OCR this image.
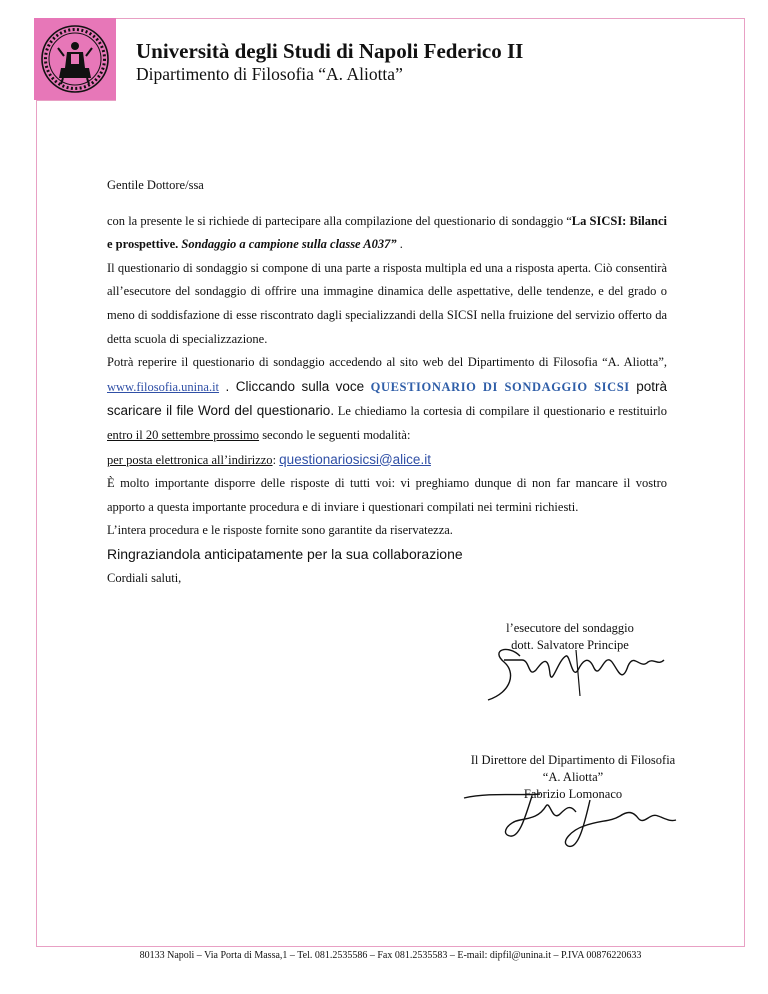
Università degli Studi di Napoli Federico II
Dipartimento di Filosofia “A. Aliotta”

Gentile Dottore/ssa

con la presente le si richiede di partecipare alla compilazione del questionario di sondaggio “La SICSI: Bilanci e prospettive. Sondaggio a campione sulla classe A037” .

Il questionario di sondaggio si compone di una parte a risposta multipla ed una a risposta aperta. Ciò consentirà all’esecutore del sondaggio di offrire una immagine dinamica delle aspettative, delle tendenze, e del grado o meno di soddisfazione di esse riscontrato dagli specializzandi della SICSI nella fruizione del servizio offerto da detta scuola di specializzazione.

Potrà reperire il questionario di sondaggio accedendo al sito web del Dipartimento di Filosofia “A. Aliotta”, www.filosofia.unina.it . Cliccando sulla voce QUESTIONARIO DI SONDAGGIO SICSI potrà scaricare il file Word del questionario. Le chiediamo la cortesia di compilare il questionario e restituirlo entro il 20 settembre prossimo secondo le seguenti modalità:

per posta elettronica all’indirizzo: questionariosicsi@alice.it

È molto importante disporre delle risposte di tutti voi: vi preghiamo dunque di non far mancare il vostro apporto a questa importante procedura e di inviare i questionari compilati nei termini richiesti.

L’intera procedura e le risposte fornite sono garantite da riservatezza.

Ringraziandola anticipatamente per la sua collaborazione

Cordiali saluti,

l’esecutore del sondaggio
dott. Salvatore Principe
Il Direttore del Dipartimento di Filosofia
“A. Aliotta”
Fabrizio Lomonaco
80133 Napoli – Via Porta di Massa,1 – Tel. 081.2535586 – Fax 081.2535583 – E-mail: dipfil@unina.it – P.IVA 00876220633
